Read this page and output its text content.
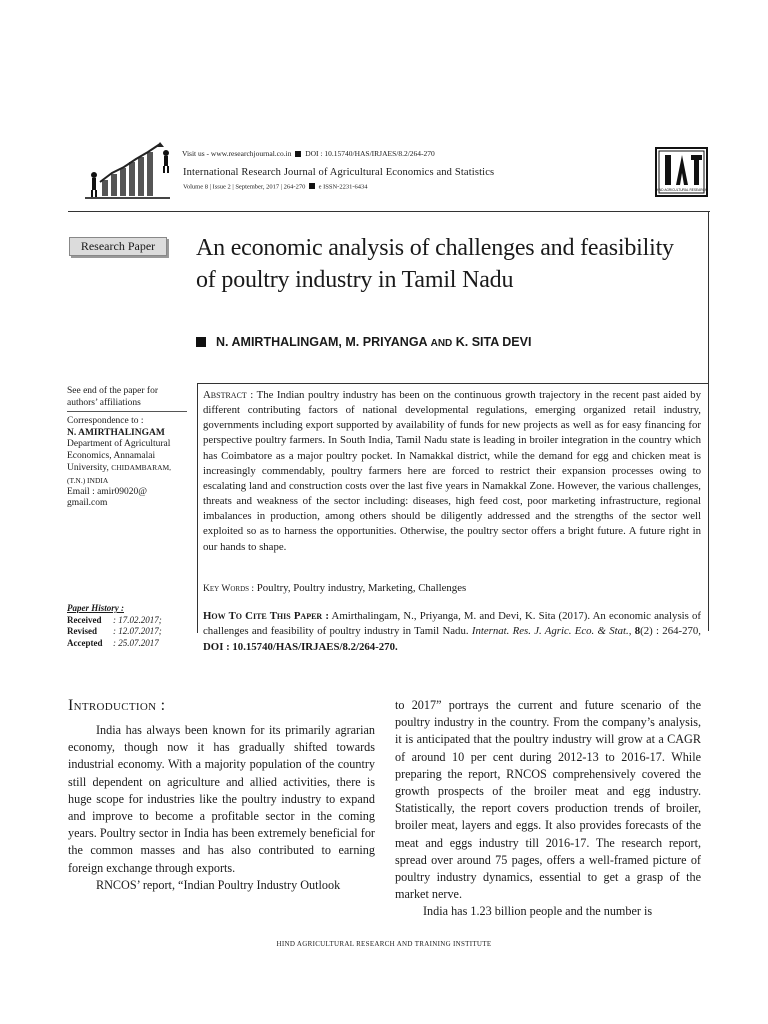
Visit us - www.researchjournal.co.in DOI : 10.15740/HAS/IRJAES/8.2/264-270
International Research Journal of Agricultural Economics and Statistics
Volume 8 | Issue 2 | September, 2017 | 264-270 e ISSN-2231-6434	HIND AGRICULTURAL RESEARCH
Research Paper	An economic analysis of challenges and feasibility
of poultry industry in Tamil Nadu
N. AMIRTHALINGAM, M. PRIYANGA AND K. SITA DEVI
See end of the paper for authors’ affiliations
Correspondence to :
N. AMIRTHALINGAM
Department of Agricultural
Economics, Annamalai
University, CHIDAMBARAM,
(T.N.) INDIA
Email : amir09020@
gmail.com
Paper History :
Received	: 17.02.2017;
Revised	: 12.07.2017;
Accepted	: 25.07.2017
Abstract : The Indian poultry industry has been on the continuous growth trajectory in the recent past aided by different contributing factors of national developmental regulations, emerging organized retail industry, governments including export supported by availability of funds for new projects as well as for easy financing for perspective poultry farmers. In South India, Tamil Nadu state is leading in broiler integration in the country which has Coimbatore as a major poultry pocket. In Namakkal district, while the demand for egg and chicken meat is increasingly commendably, poultry farmers here are forced to restrict their expansion processes owing to escalating land and construction costs over the last five years in Namakkal Zone. However, the various challenges, threats and weakness of the sector including: diseases, high feed cost, poor marketing infrastructure, regional imbalances in production, among others should be diligently addressed and the strengths of the sector well exploited so as to harness the opportunities. Otherwise, the poultry sector offers a bright future. A future right in our hands to shape.
Key Words : Poultry, Poultry industry, Marketing, Challenges
How To Cite This Paper : Amirthalingam, N., Priyanga, M. and Devi, K. Sita (2017). An economic analysis of challenges and feasibility of poultry industry in Tamil Nadu. Internat. Res. J. Agric. Eco. & Stat., 8(2) : 264-270, DOI : 10.15740/HAS/IRJAES/8.2/264-270.
Introduction :

India has always been known for its primarily agrarian economy, though now it has gradually shifted towards industrial economy. With a majority population of the country still dependent on agriculture and allied activities, there is huge scope for industries like the poultry industry to expand and improve to become a profitable sector in the coming years. Poultry sector in India has been extremely beneficial for the common masses and has also contributed to earning foreign exchange through exports.

RNCOS’ report, “Indian Poultry Industry Outlook

to 2017” portrays the current and future scenario of the poultry industry in the country. From the company’s analysis, it is anticipated that the poultry industry will grow at a CAGR of around 10 per cent during 2012-13 to 2016-17. While preparing the report, RNCOS comprehensively covered the growth prospects of the broiler meat and egg industry. Statistically, the report covers production trends of broiler, broiler meat, layers and eggs. It also provides forecasts of the meat and eggs industry till 2016-17. The research report, spread over around 75 pages, offers a well-framed picture of poultry industry dynamics, essential to get a grasp of the market nerve.

India has 1.23 billion people and the number is

HIND AGRICULTURAL RESEARCH AND TRAINING INSTITUTE
